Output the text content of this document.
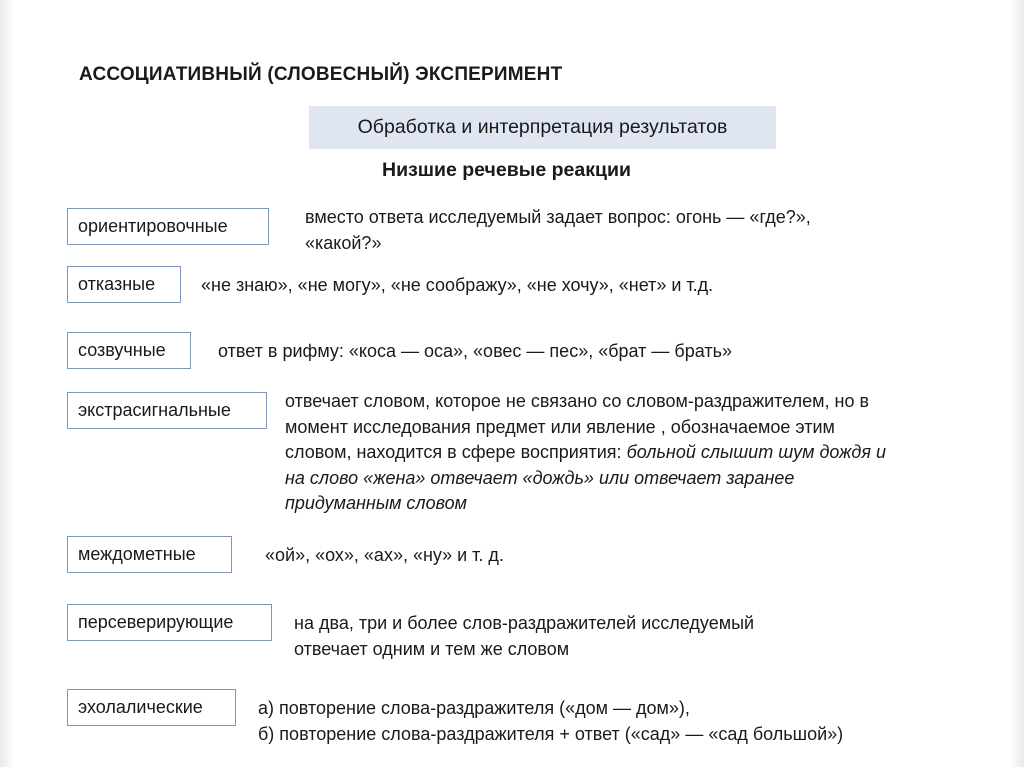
АССОЦИАТИВНЫЙ (СЛОВЕСНЫЙ) ЭКСПЕРИМЕНТ
Обработка и интерпретация результатов
Низшие речевые реакции
ориентировочные	вместо ответа исследуемый задает вопрос: огонь — «где?»,
«какой?»
отказные	«не знаю», «не могу», «не соображу», «не хочу», «нет» и т.д.
созвучные	ответ в рифму: «коса — оса», «овес — пес», «брат — брать»
экстрасигнальные	отвечает словом, которое не связано со словом-раздражителем, но в
момент исследования предмет или явление , обозначаемое этим
словом, находится в сфере восприятия: больной слышит шум дождя и
на слово «жена» отвечает «дождь» или отвечает заранее
придуманным словом
междометные	«ой», «ох», «ах», «ну» и т. д.
персеверирующие	на два, три и более слов-раздражителей исследуемый
отвечает одним и тем же словом
эхолалические	а) повторение слова-раздражителя («дом — дом»),
б) повторение слова-раздражителя + ответ («сад» — «сад большой»)
